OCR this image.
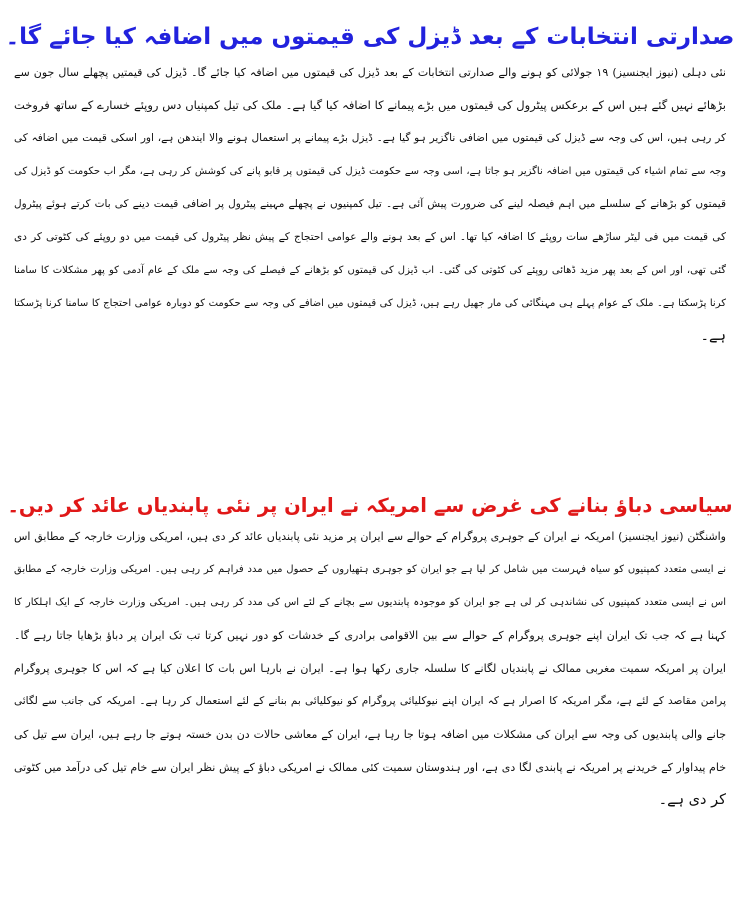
صدارتی انتخابات کے بعد ڈیزل کی قیمتوں میں اضافہ کیا جائے گا۔
نئی دہلی (نیوز ایجنسیز) ۱۹ جولائی کو ہونے والے صدارتی انتخابات کے بعد ڈیزل کی قیمتوں میں اضافہ کیا جائے گا۔ ڈیزل کی قیمتیں پچھلے سال جون سے
بڑھائے نہیں گئے ہیں اس کے برعکس پیٹرول کی قیمتوں میں بڑے پیمانے کا اضافہ کیا گیا ہے۔ ملک کی تیل کمپنیاں دس روپئے خسارے کے ساتھ فروخت
کر رہی ہیں، اس کی وجہ سے ڈیزل کی قیمتوں میں اضافی ناگزیر ہو گیا ہے۔ ڈیزل بڑے پیمانے پر استعمال ہونے والا ایندھن ہے، اور اسکی قیمت میں اضافہ کی
وجہ سے تمام اشیاء کی قیمتوں میں اضافہ ناگزیر ہو جاتا ہے، اسی وجہ سے حکومت ڈیزل کی قیمتوں پر قابو پانے کی کوشش کر رہی ہے، مگر اب حکومت کو ڈیزل کی
قیمتوں کو بڑھانے کے سلسلے میں اہم فیصلہ لینے کی ضرورت پیش آئی ہے۔ تیل کمپنیوں نے پچھلے مہینے پیٹرول پر اضافی قیمت دینے کی بات کرتے ہوئے پیٹرول
کی قیمت میں فی لیٹر ساڑھے سات روپئے کا اضافہ کیا تھا۔ اس کے بعد ہونے والے عوامی احتجاج کے پیش نظر پیٹرول کی قیمت میں دو روپئے کی کٹوتی کر دی
گئی تھی، اور اس کے بعد پھر مزید ڈھائی روپئے کی کٹوتی کی گئی۔ اب ڈیزل کی قیمتوں کو بڑھانے کے فیصلے کی وجہ سے ملک کے عام آدمی کو پھر مشکلات کا سامنا
کرنا پڑسکتا ہے۔ ملک کے عوام پہلے ہی مہنگائی کی مار جھیل رہے ہیں، ڈیزل کی قیمتوں میں اضافے کی وجہ سے حکومت کو دوبارہ عوامی احتجاج کا سامنا کرنا پڑسکتا
ہے۔
سیاسی دباؤ بنانے کی غرض سے امریکہ نے ایران پر نئی پابندیاں عائد کر دیں۔
واشنگٹن (نیوز ایجنسیز) امریکہ نے ایران کے جوہری پروگرام کے حوالے سے ایران پر مزید نئی پابندیاں عائد کر دی ہیں، امریکی وزارت خارجہ کے مطابق اس
نے ایسی متعدد کمپنیوں کو سیاہ فہرست میں شامل کر لیا ہے جو ایران کو جوہری ہتھیاروں کے حصول میں مدد فراہم کر رہی ہیں۔ امریکی وزارت خارجہ کے مطابق
اس نے ایسی متعدد کمپنیوں کی نشاندہی کر لی ہے جو ایران کو موجودہ پابندیوں سے بچانے کے لئے اس کی مدد کر رہی ہیں۔ امریکی وزارت خارجہ کے ایک اہلکار کا
کہنا ہے کہ جب تک ایران اپنے جوہری پروگرام کے حوالے سے بین الاقوامی برادری کے خدشات کو دور نہیں کرتا تب تک ایران پر دباؤ بڑھایا جاتا رہے گا۔
ایران پر امریکہ سمیت مغربی ممالک نے پابندیاں لگانے کا سلسلہ جاری رکھا ہوا ہے۔ ایران نے بارہا اس بات کا اعلان کیا ہے کہ اس کا جوہری پروگرام
پرامن مقاصد کے لئے ہے، مگر امریکہ کا اصرار ہے کہ ایران اپنے نیوکلیائی پروگرام کو نیوکلیائی بم بنانے کے لئے استعمال کر رہا ہے۔ امریکہ کی جانب سے لگائی
جانے والی پابندیوں کی وجہ سے ایران کی مشکلات میں اضافہ ہوتا جا رہا ہے، ایران کے معاشی حالات دن بدن خستہ ہوتے جا رہے ہیں، ایران سے تیل کی
خام پیداوار کے خریدنے پر امریکہ نے پابندی لگا دی ہے، اور ہندوستان سمیت کئی ممالک نے امریکی دباؤ کے پیش نظر ایران سے خام تیل کی درآمد میں کٹوتی
کر دی ہے۔
